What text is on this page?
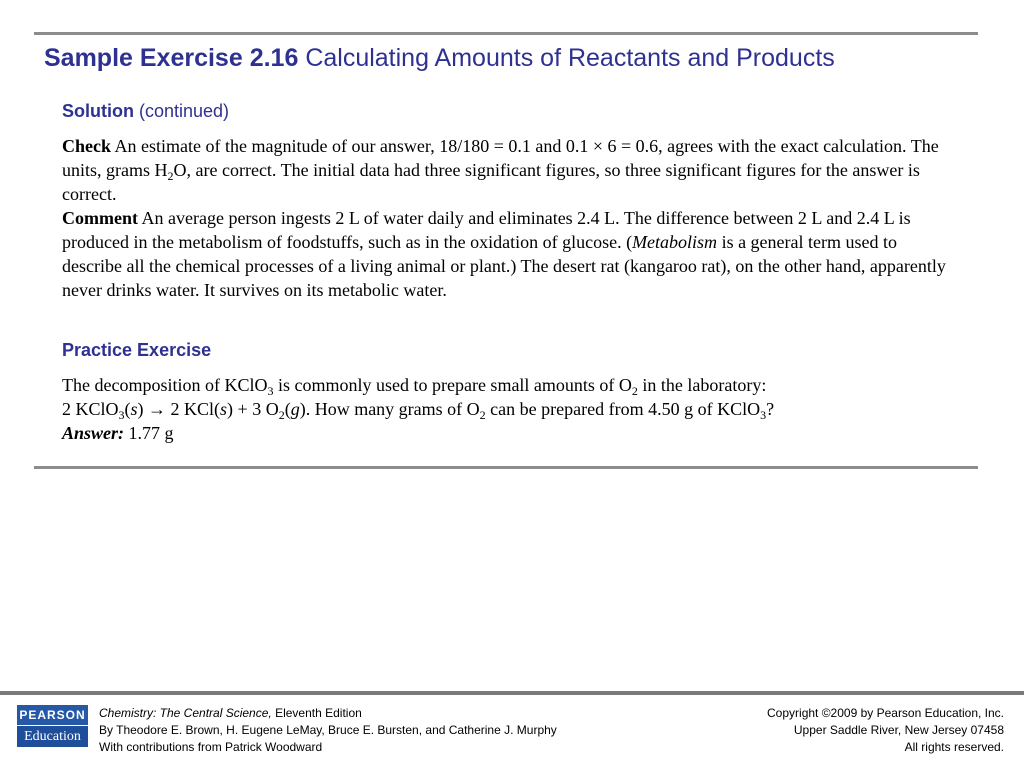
Sample Exercise 2.16 Calculating Amounts of Reactants and Products
Solution (continued)
Check An estimate of the magnitude of our answer, 18/180 = 0.1 and 0.1 × 6 = 0.6, agrees with the exact calculation. The units, grams $H_2O$, are correct. The initial data had three significant figures, so three significant figures for the answer is correct.
Comment An average person ingests 2 L of water daily and eliminates 2.4 L. The difference between 2 L and 2.4 L is produced in the metabolism of foodstuffs, such as in the oxidation of glucose. (Metabolism is a general term used to describe all the chemical processes of a living animal or plant.) The desert rat (kangaroo rat), on the other hand, apparently never drinks water. It survives on its metabolic water.
Practice Exercise
The decomposition of KClO$_3$ is commonly used to prepare small amounts of $O_2$ in the laboratory:
2 KClO$_3$(s) → 2 KCl(s) + 3 $O_2(g)$. How many grams of $O_2$ can be prepared from 4.50 g of KClO$_3$?
Answer: 1.77 g
PEARSON
Education
Chemistry: The Central Science, Eleventh Edition
By Theodore E. Brown, H. Eugene LeMay, Bruce E. Bursten, and Catherine J. Murphy
With contributions from Patrick Woodward
Copyright ©2009 by Pearson Education, Inc.
Upper Saddle River, New Jersey 07458
All rights reserved.
